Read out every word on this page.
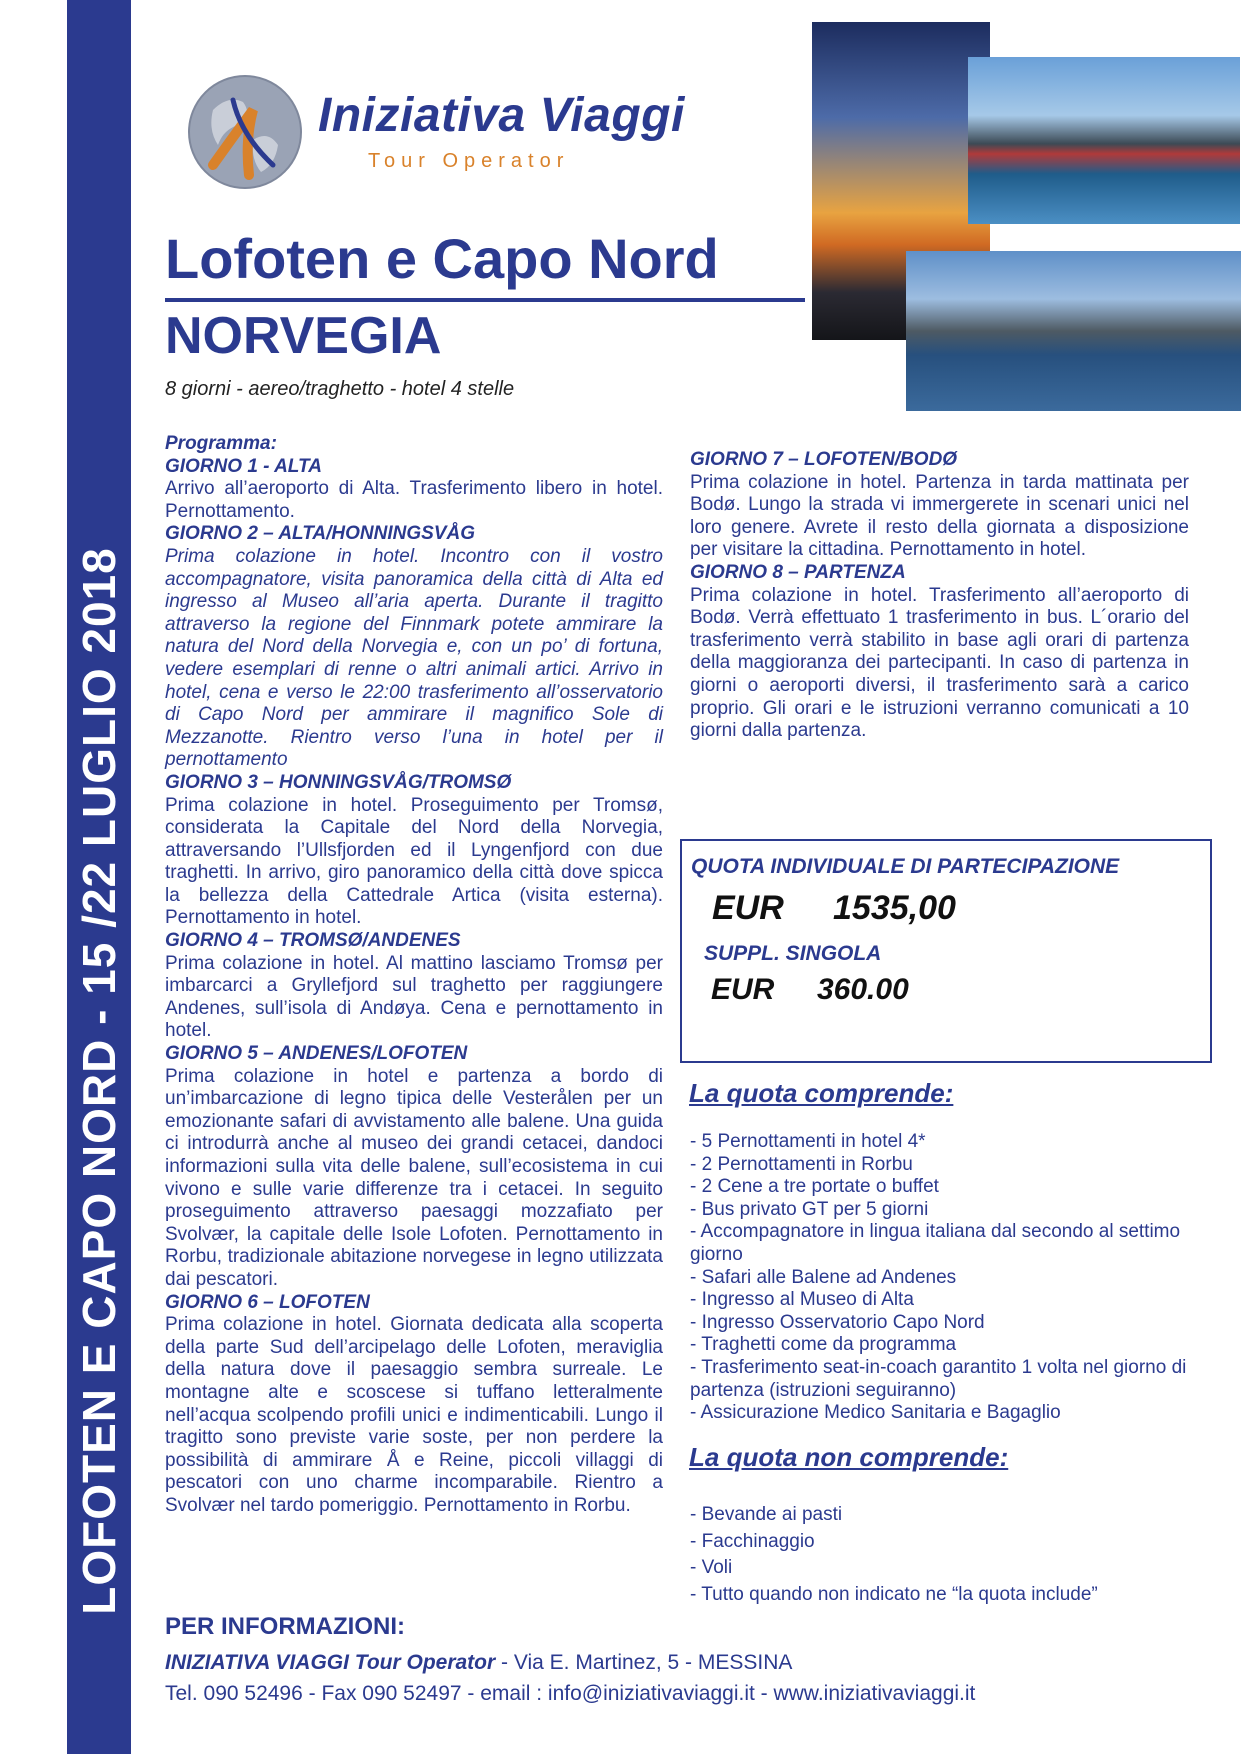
LOFOTEN E CAPO NORD - 15 /22 LUGLIO 2018
Iniziativa Viaggi
Tour Operator
Lofoten e Capo Nord
NORVEGIA
8 giorni - aereo/traghetto - hotel 4 stelle
Programma:
GIORNO 1 - ALTA

Arrivo all’aeroporto di Alta. Trasferimento libero in hotel. Pernottamento.

GIORNO 2 – ALTA/HONNINGSVÅG

Prima colazione in hotel. Incontro con il vostro accompagnatore, visita panoramica della città di Alta ed ingresso al Museo all’aria aperta. Durante il tragitto attraverso la regione del Finnmark potete ammirare la natura del Nord della Norvegia e, con un po’ di fortuna, vedere esemplari di renne o altri animali artici. Arrivo in hotel, cena e verso le 22:00 trasferimento all’osservatorio di Capo Nord per ammirare il magnifico Sole di Mezzanotte. Rientro verso l’una in hotel per il pernottamento

GIORNO 3 – HONNINGSVÅG/TROMSØ

Prima colazione in hotel. Proseguimento per Tromsø, considerata la Capitale del Nord della Norvegia, attraversando l’Ullsfjorden ed il Lyngenfjord con due traghetti. In arrivo, giro panoramico della città dove spicca la bellezza della Cattedrale Artica (visita esterna). Pernottamento in hotel.

GIORNO 4 – TROMSØ/ANDENES

Prima colazione in hotel. Al mattino lasciamo Tromsø per imbarcarci a Gryllefjord sul traghetto per raggiungere Andenes, sull’isola di Andøya. Cena e pernottamento in hotel.

GIORNO 5 – ANDENES/LOFOTEN

Prima colazione in hotel e partenza a bordo di un’imbarcazione di legno tipica delle Vesterålen per un emozionante safari di avvistamento alle balene. Una guida ci introdurrà anche al museo dei grandi cetacei, dandoci informazioni sulla vita delle balene, sull’ecosistema in cui vivono e sulle varie differenze tra i cetacei. In seguito proseguimento attraverso paesaggi mozzafiato per Svolvær, la capitale delle Isole Lofoten. Pernottamento in Rorbu, tradizionale abitazione norvegese in legno utilizzata dai pescatori.

GIORNO 6 – LOFOTEN

Prima colazione in hotel. Giornata dedicata alla scoperta della parte Sud dell’arcipelago delle Lofoten, meraviglia della natura dove il paesaggio sembra surreale. Le montagne alte e scoscese si tuffano letteralmente nell’acqua scolpendo profili unici e indimenticabili. Lungo il tragitto sono previste varie soste, per non perdere la possibilità di ammirare Å e Reine, piccoli villaggi di pescatori con uno charme incomparabile. Rientro a Svolvær nel tardo pomeriggio. Pernottamento in Rorbu.

GIORNO 7 – LOFOTEN/BODØ

Prima colazione in hotel. Partenza in tarda mattinata per Bodø. Lungo la strada vi immergerete in scenari unici nel loro genere. Avrete il resto della giornata a disposizione per visitare la cittadina. Pernottamento in hotel.

GIORNO 8 – PARTENZA

Prima colazione in hotel. Trasferimento all’aeroporto di Bodø. Verrà effettuato 1 trasferimento in bus. L´orario del trasferimento verrà stabilito in base agli orari di partenza della maggioranza dei partecipanti. In caso di partenza in giorni o aeroporti diversi, il trasferimento sarà a carico proprio. Gli orari e le istruzioni verranno comunicati a 10 giorni dalla partenza.

QUOTA INDIVIDUALE DI PARTECIPAZIONE
EUR 1535,00
SUPPL. SINGOLA
EUR 360.00
La quota comprende:
- 5 Pernottamenti in hotel 4*
- 2 Pernottamenti in Rorbu
- 2 Cene a tre portate o buffet
- Bus privato GT per 5 giorni
- Accompagnatore in lingua italiana dal secondo al settimo giorno
- Safari alle Balene ad Andenes
- Ingresso al Museo di Alta
- Ingresso Osservatorio Capo Nord
- Traghetti come da programma
- Trasferimento seat-in-coach garantito 1 volta nel giorno di partenza (istruzioni seguiranno)
- Assicurazione Medico Sanitaria e Bagaglio
La quota non comprende:
- Bevande ai pasti
- Facchinaggio
- Voli
- Tutto quando non indicato ne “la quota include”
PER INFORMAZIONI:
INIZIATIVA VIAGGI Tour Operator - Via E. Martinez, 5 - MESSINA
Tel. 090 52496 - Fax 090 52497 - email : info@iniziativaviaggi.it - www.iniziativaviaggi.it
